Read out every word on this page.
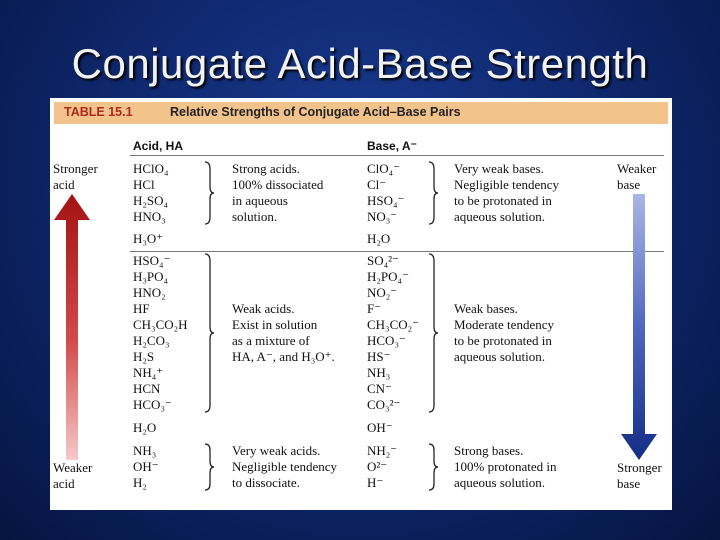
Conjugate Acid-Base Strength
TABLE 15.1	Relative Strengths of Conjugate Acid–Base Pairs
Acid, HA	Base, A⁻
Stronger
acid
Weaker
acid
Weaker
base
Stronger
base
HClO₄
HCl
H₂SO₄
HNO₃
H₃O⁺
HSO₄⁻
H₃PO₄
HNO₂
HF
CH₃CO₂H
H₂CO₃
H₂S
NH₄⁺
HCN
HCO₃⁻
H₂O
NH₃
OH⁻
H₂
ClO₄⁻
Cl⁻
HSO₄⁻
NO₃⁻
H₂O
SO₄²⁻
H₂PO₄⁻
NO₂⁻
F⁻
CH₃CO₂⁻
HCO₃⁻
HS⁻
NH₃
CN⁻
CO₃²⁻
OH⁻
NH₂⁻
O²⁻
H⁻
Strong acids.
100% dissociated
in aqueous
solution.
Weak acids.
Exist in solution
as a mixture of
HA, A⁻, and H₃O⁺.
Very weak acids.
Negligible tendency
to dissociate.
Very weak bases.
Negligible tendency
to be protonated in
aqueous solution.
Weak bases.
Moderate tendency
to be protonated in
aqueous solution.
Strong bases.
100% protonated in
aqueous solution.
